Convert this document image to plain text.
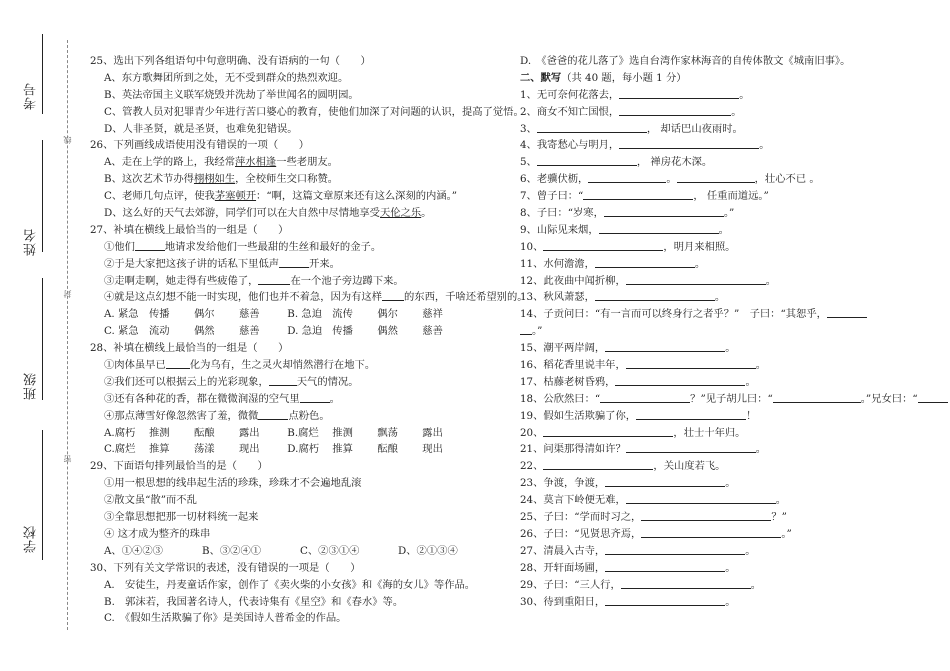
考号
姓名
班级
学校
线
封
密
25、选出下列各组语句中句意明确、没有语病的一句（　　）
A、东方歌舞团所到之处，无不受到群众的热烈欢迎。
B、英法帝国主义联军烧毁并洗劫了举世闻名的圆明园。
C、管教人员对犯罪青少年进行苦口婆心的教育，使他们加深了对问题的认识，提高了觉悟。
D、人非圣贤，就是圣贤，也难免犯错误。
26、下列画线成语使用没有错误的一项（　　）
A、走在上学的路上，我经常萍水相逢一些老朋友。
B、这次艺术节办得栩栩如生，全校师生交口称赞。
C、老师几句点评，使我茅塞顿开：“啊，这篇文章原来还有这么深刻的内涵。”
D、这么好的天气去郊游，同学们可以在大自然中尽情地享受天伦之乐。
27、补填在横线上最恰当的一组是（　　）
①他们	地请求发给他们一些最甜的生丝和最好的金子。
②于是大家把这孩子讲的话私下里低声	开来。
③走啊走啊，她走得有些疲倦了，	在一个池子旁边蹲下来。
④就是这点幻想不能一时实现，他们也并不着急，因为有这样 的东西，千啥还希望别的。
A. 紧急 传播 偶尔 慈善	B. 急迫 流传 偶尔 慈祥
C. 紧急 流动 偶然 慈善	D. 急迫 传播 偶然 慈善
28、补填在横线上最恰当的一组是（　　）
①肉体虽早已 化为乌有，生之灵火却悄然潜行在地下。
②我们还可以根据云上的光彩现象，	天气的情况。
③还有各种花的香，都在微微润湿的空气里	。
④那点薄雪好像忽然害了羞，微微	点粉色。
A.腐朽 推测 酝酿 露出	B.腐烂 推测 飘荡 露出
C.腐烂 推算 荡漾 现出	D.腐朽 推算 酝酿 现出
29、下面语句排列最恰当的是（　　）
①用一根思想的线串起生活的珍珠，珍珠才不会遍地乱滚
②散文虽“散”而不乱
③全靠思想把那一切材料统一起来
④ 这才成为整齐的珠串
A、①④②③	B、③②④①	C、②③①④	D、②①③④
30、下列有关文学常识的表述，没有错误的一项是（　　）
A.　安徒生，丹麦童话作家，创作了《卖火柴的小女孩》和《海的女儿》等作品。
B.　郭沫若，我国著名诗人，代表诗集有《星空》和《春水》等。
C.　《假如生活欺骗了你》是美国诗人普希金的作品。
D.　《爸爸的花儿落了》选自台湾作家林海音的自传体散文《城南旧事》。
二、默写（共 40 题，每小题 1 分）
1、无可奈何花落去，	。
2、商女不知亡国恨，	。
3、	， 却话巴山夜雨时。
4、我寄愁心与明月，	。
5、	， 禅房花木深。
6、老骥伏枥，	。	，壮心不已 。
7、曾子曰：“	， 任重而道远。”
8、子曰：“岁寒，	。”
9、山际见来烟，	。
10、	，明月来相照。
11、水何澹澹，	。
12、此夜曲中闻折柳，	。
13、秋风萧瑟，	。
14、子贡问曰：“有一言而可以终身行之者乎？”　子曰：“其恕乎，
。”
15、潮平两岸阔，	。
16、稻花香里说丰年，	。
17、枯藤老树昏鸦，	。
18、公欣然曰：“	？”见子胡儿曰：“	。”兄女曰：“
19、假如生活欺骗了你，	！
20、	，壮士十年归。
21、问渠那得清如许？	。
22、	，关山度若飞。
23、争渡，争渡，	。
24、莫言下岭便无难，	。
25、子曰：“学而时习之，	？”
26、子曰：“见贤思齐焉，	。”
27、清晨入古寺，	。
28、开轩面场圃，	。
29、子曰：“三人行，	。
30、待到重阳日，	。
